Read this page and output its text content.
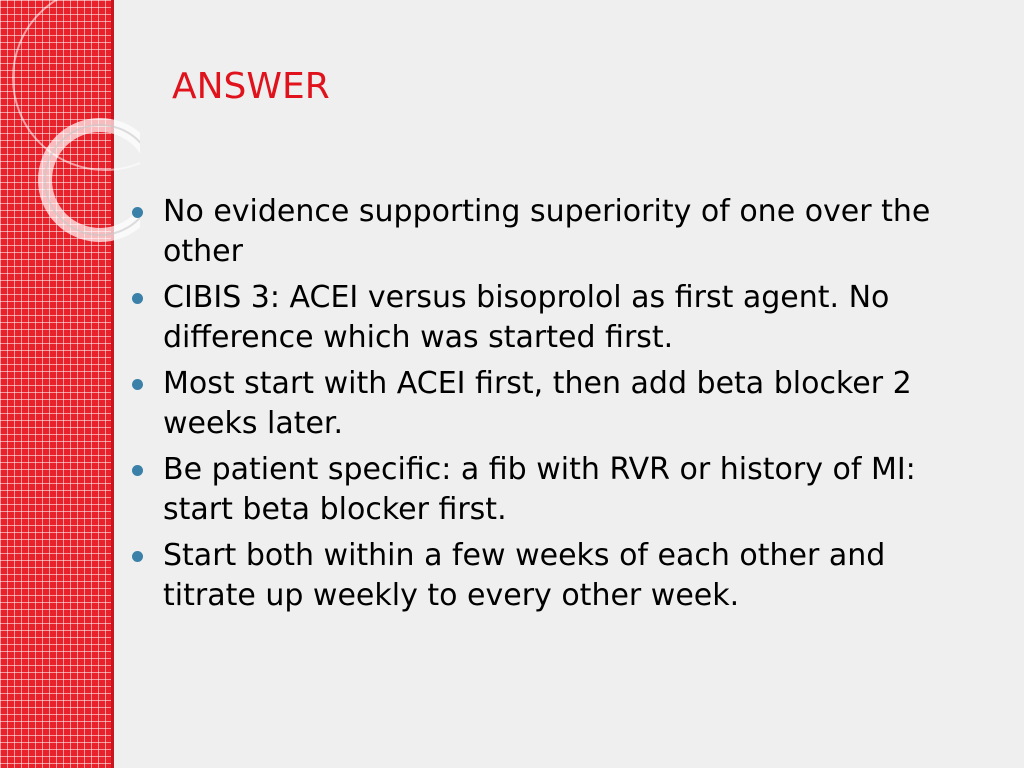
ANSWER
No evidence supporting superiority of one over the other
CIBIS 3: ACEI versus bisoprolol as first agent. No difference which was started first.
Most start with ACEI first, then add beta blocker 2 weeks later.
Be patient specific: a fib with RVR or history of MI: start beta blocker first.
Start both within a few weeks of each other and titrate up weekly to every other week.
